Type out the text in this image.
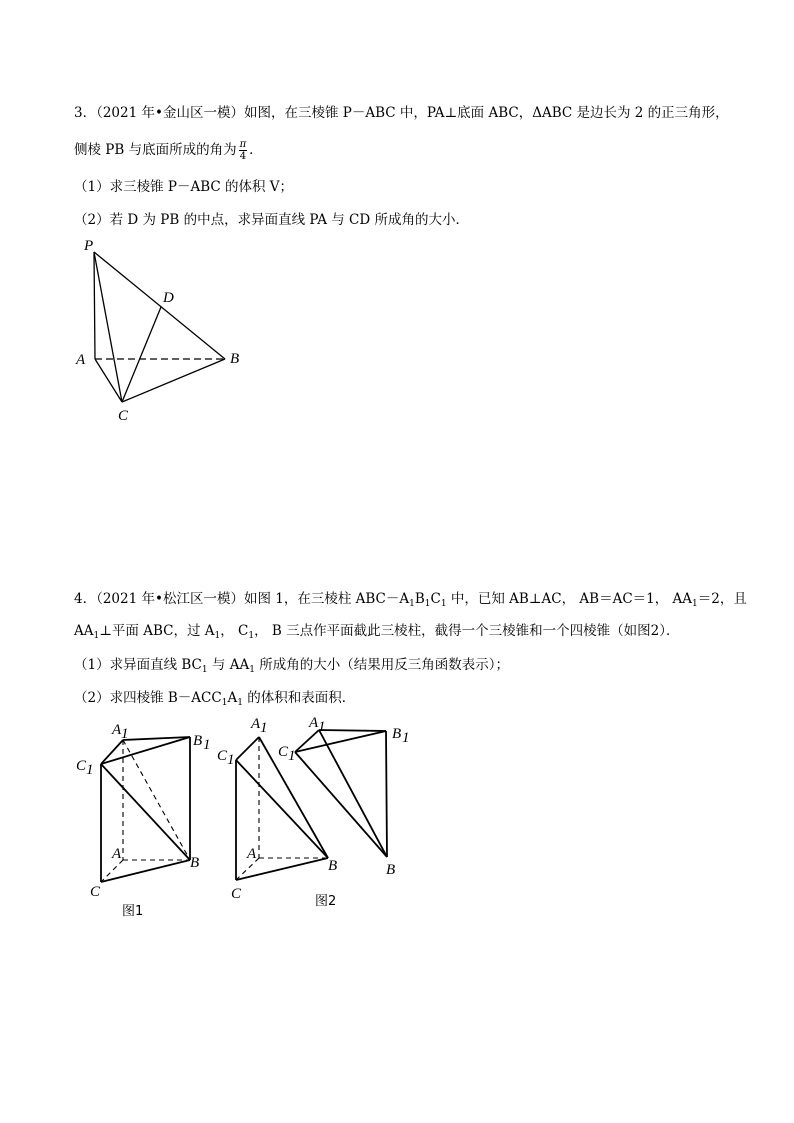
3．（2021 年•金山区一模）如图，在三棱锥 P－ABC 中，PA⊥底面 ABC，ΔABC 是边长为 2 的正三角形，
侧棱 PB 与底面所成的角为 $\frac{\pi}{4}$ ．
（1）求三棱锥 P－ABC 的体积 V；
（2）若 D 为 PB 的中点，求异面直线 PA 与 CD 所成角的大小．
P
D
A	B
C
4．（2021 年•松江区一模）如图 1，在三棱柱 $ABC-A_1B_1C_1$ 中，已知 AB⊥AC， AB＝AC＝1， $AA_1=2$，且
$AA_1\perp$平面 ABC，过 $A_1$， $C_1$， B 三点作平面截此三棱柱，截得一个三棱锥和一个四棱锥（如图2）．
（1）求异面直线 $BC_1$ 与 $AA_1$ 所成角的大小（结果用反三角函数表示）；
（2）求四棱锥 $B-ACC_1A_1$ 的体积和表面积．
A 1	B 1
C 1
A
B
C
图1
A 1
C 1
A
B
C
A 1
C 1
B 1
B
图2
